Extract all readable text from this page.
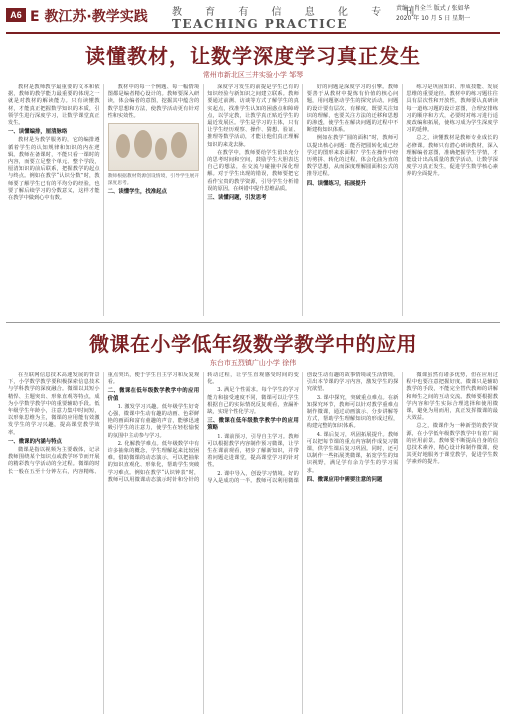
A6 E 教江苏·教学实践 教 育 有 信 息 化 专 刊
TEACHING PRACTICE
责编 / 肖全兰 版式 / 张如华
2020 年 10 月 5 日 星期一
读懂教材，让数学深度学习真正发生
常州市新北区三井实验小学 邹琴

教材是教师教学最重要的文本和依据，教师的教学能力最重要的体现之一就是对教材的解读能力。只有读懂教材，才能真正把握数学知识的本质，引领学生进行深度学习，让数学课堂真正发生。

一、读懂编排，厘清脉络

教材是为教学服务的，它的编排遵循着学生的认知规律和知识的内在逻辑。教师在备课时，不能只看一课时的内容，而要立足整个单元、整个学段，厘清知识的前后联系，把握教学的起点与终点。例如在教学“认识分数”时，教师要了解学生已有的平均分的经验，也要了解后续学习的分数意义，这样才能在教学中做到心中有数。

教材中的每一个例题、每一幅情境图都是编者精心设计的。教师要深入研读，体会编者的意图，挖掘其中蕴含的数学思想和方法，使教学活动更有针对性和实效性。

教师根据教材资源创设情境，引导学生展开深度思考。
二、读懂学生，找准起点

深度学习发生的前提是学生已有的知识经验与新知识之间建立联系。教师要通过前测、访谈等方式了解学生的真实起点，找准学生认知的困惑点和障碍点，以学定教，让教学真正贴近学生的最近发展区。学生是学习的主体，只有让学生经历观察、操作、猜想、验证、推理等数学活动，才能让他们真正理解知识的来龙去脉。

在教学中，教师要给学生留出充分的思考时间和空间，鼓励学生大胆表达自己的想法，在交流与碰撞中深化理解。对于学生出现的错误，教师要把它看作宝贵的教学资源，引导学生分析错误的原因，在纠错中提升思维品质。

三、读懂问题，引发思考

好的问题是深度学习的引擎。教师要善于从教材中提炼有价值的核心问题，用问题驱动学生的探究活动。问题的设计要有层次、有梯度，既要关注知识的理解，也要关注方法的迁移和思想的渗透，使学生在解决问题的过程中不断建构知识体系。

例如在教学“圆的面积”时，教师可以提出核心问题：能否把圆转化成已经学过的图形来求面积？学生在操作中经历剪拼、转化的过程，体会化曲为直的数学思想，从而深度理解圆面积公式的推导过程。

四、读懂练习，拓展提升

练习是巩固知识、形成技能、发展思维的重要途径。教材中的练习题往往具有层次性和开放性，教师要认真研读每一道练习题的设计意图，合理安排练习的顺序和方式，必要时对练习进行适度改编和拓展，使练习成为学生深度学习的延伸。

总之，读懂教材是教师专业成长的必修课。教师只有潜心研读教材，深入理解编者意图，准确把握学生学情，才能设计出高质量的教学活动，让数学深度学习真正发生，促进学生数学核心素养的全面提升。

微课在小学低年级数学教学中的应用
东台市五烈镇广山小学 徐伟

在互联网信息技术高速发展的背景下，小学数学教学要积极探索信息技术与学科教学的深度融合。微课以其短小精悍、主题突出、形象直观等特点，成为小学数学教学中的重要辅助手段。低年级学生年龄小，注意力集中时间短，以形象思维为主，微课的应用能有效激发学生的学习兴趣，提高课堂教学效率。

一、微课的内涵与特点

微课是指以视频为主要载体，记录教师围绕某个知识点或教学环节而开展的精彩教与学活动的全过程。微课的时长一般在五至十分钟左右，内容精练、重点突出，便于学生自主学习和反复观看。

二、微课在低年级数学教学中的应用价值

1. 激发学习兴趣。低年级学生好奇心强，微课中生动有趣的动画、色彩鲜艳的画面和富有童趣的声音，能够迅速吸引学生的注意力，使学生在轻松愉悦的氛围中主动参与学习。

2. 化解教学难点。低年级数学中有许多抽象的概念，学生理解起来比较困难。借助微课的动态演示，可以把抽象的知识直观化、形象化，帮助学生突破学习难点。例如在教学“认识钟表”时，教师可以用微课动态演示时针和分针的转动过程，让学生直观感受时间的变化。

3. 满足个性需求。每个学生的学习能力和接受速度不同，微课可以让学生根据自己的实际情况反复观看，查漏补缺，实现个性化学习。

三、微课在低年级数学教学中的应用策略

1. 课前预习，引导自主学习。教师可以根据教学内容制作预习微课，让学生在课前观看，初步了解新知识，并带着问题走进课堂，提高课堂学习的针对性。

2. 课中导入，创设学习情境。好的导入是成功的一半。教师可以利用微课创设生动有趣的故事情境或生活情境，引出本节课的学习内容，激发学生的探究欲望。

3. 课中探究，突破重点难点。在新知探究环节，教师可以针对教学重难点制作微课，通过动画演示、分步讲解等方式，帮助学生理解知识的形成过程，构建完整的知识体系。

4. 课后复习，巩固拓展提升。教师可以把每节课的重点内容制作成复习微课，供学生课后复习巩固。同时，还可以制作一些拓展类微课，拓宽学生的知识视野，满足学有余力学生的学习需求。

四、微课应用中需要注意的问题

微课虽然有诸多优势，但在应用过程中也要注意把握好度。微课只是辅助教学的手段，不能完全替代教师的讲解和师生之间的互动交流。教师要根据教学内容和学生实际合理选择和使用微课，避免为用而用，真正发挥微课的最大效益。

总之，微课作为一种新型的教学资源，在小学低年级数学教学中有着广阔的应用前景。教师要不断提高自身的信息技术素养，精心设计和制作微课，使其更好地服务于课堂教学，促进学生数学素养的提升。
